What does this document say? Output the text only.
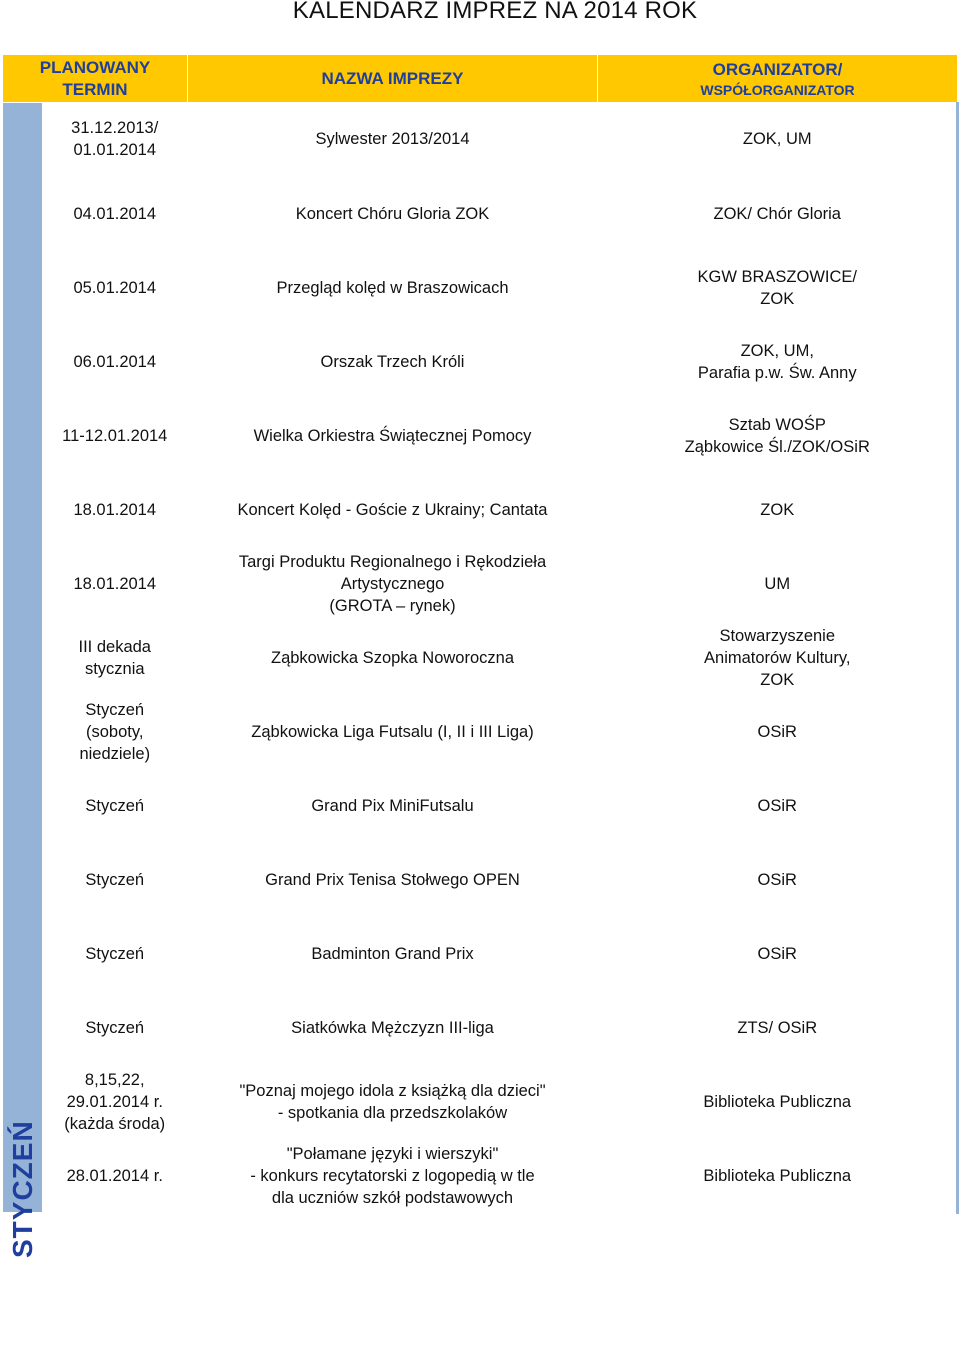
KALENDARZ IMPREZ NA 2014 ROK
PLANOWANY
TERMIN		NAZWA IMPREZY	ORGANIZATOR/
WSPÓŁORGANIZATOR

STYCZEŃ	31.12.2013/
01.01.2014	Sylwester 2013/2014	ZOK, UM

	04.01.2014	Koncert Chóru Gloria ZOK	ZOK/ Chór Gloria

	05.01.2014	Przegląd kolęd w Braszowicach	KGW BRASZOWICE/
ZOK

	06.01.2014	Orszak Trzech Króli	ZOK, UM,
Parafia p.w. Św. Anny

	11-12.01.2014	Wielka Orkiestra Świątecznej Pomocy	Sztab WOŚP
Ząbkowice Śl./ZOK/OSiR

	18.01.2014	Koncert Kolęd - Goście z Ukrainy; Cantata	ZOK

	18.01.2014	Targi Produktu Regionalnego i Rękodzieła Artystycznego
(GROTA – rynek)	UM

	III dekada
stycznia	Ząbkowicka Szopka Noworoczna	Stowarzyszenie
Animatorów Kultury,
ZOK

	Styczeń
(soboty,
niedziele)	Ząbkowicka Liga Futsalu (I, II i III Liga)	OSiR

	Styczeń	Grand Pix MiniFutsalu	OSiR

	Styczeń	Grand Prix Tenisa Stołwego OPEN	OSiR

	Styczeń	Badminton Grand Prix	OSiR

	Styczeń	Siatkówka Mężczyzn III-liga	ZTS/ OSiR

	8,15,22,
29.01.2014 r.
(każda środa)	"Poznaj mojego idola z książką dla dzieci"
- spotkania dla przedszkolaków	Biblioteka Publiczna

	28.01.2014 r.	"Połamane języki i wierszyki"
- konkurs recytatorski z logopedią w tle
dla uczniów szkół podstawowych	Biblioteka Publiczna
